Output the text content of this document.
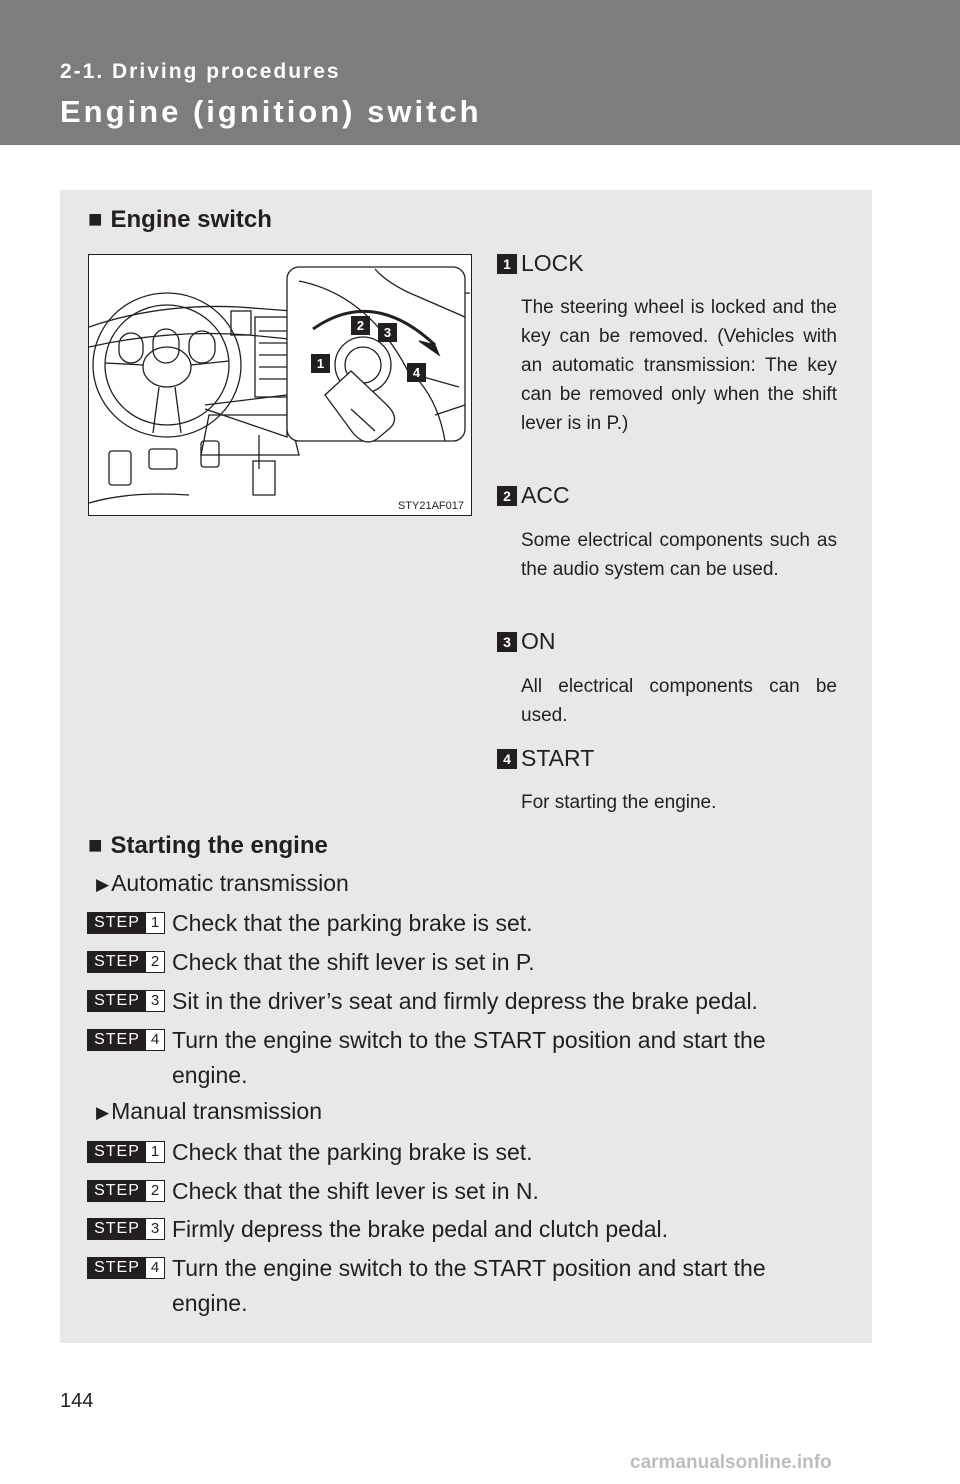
2-1. Driving procedures
Engine (ignition) switch
■ Engine switch
2 3
1
4
STY21AF017
1 LOCK
The steering wheel is locked and the key can be removed. (Vehicles with an automatic transmission: The key can be removed only when the shift lever is in P.)
2 ACC
Some electrical components such as the audio system can be used.
3 ON
All electrical components can be used.
4 START
For starting the engine.
■ Starting the engine
▶Automatic transmission
STEP 1 Check that the parking brake is set.
STEP 2 Check that the shift lever is set in P.
STEP 3 Sit in the driver’s seat and firmly depress the brake pedal.
STEP 4 Turn the engine switch to the START position and start the engine.
▶Manual transmission
STEP 1 Check that the parking brake is set.
STEP 2 Check that the shift lever is set in N.
STEP 3 Firmly depress the brake pedal and clutch pedal.
STEP 4 Turn the engine switch to the START position and start the engine.
144
carmanualsonline.info
